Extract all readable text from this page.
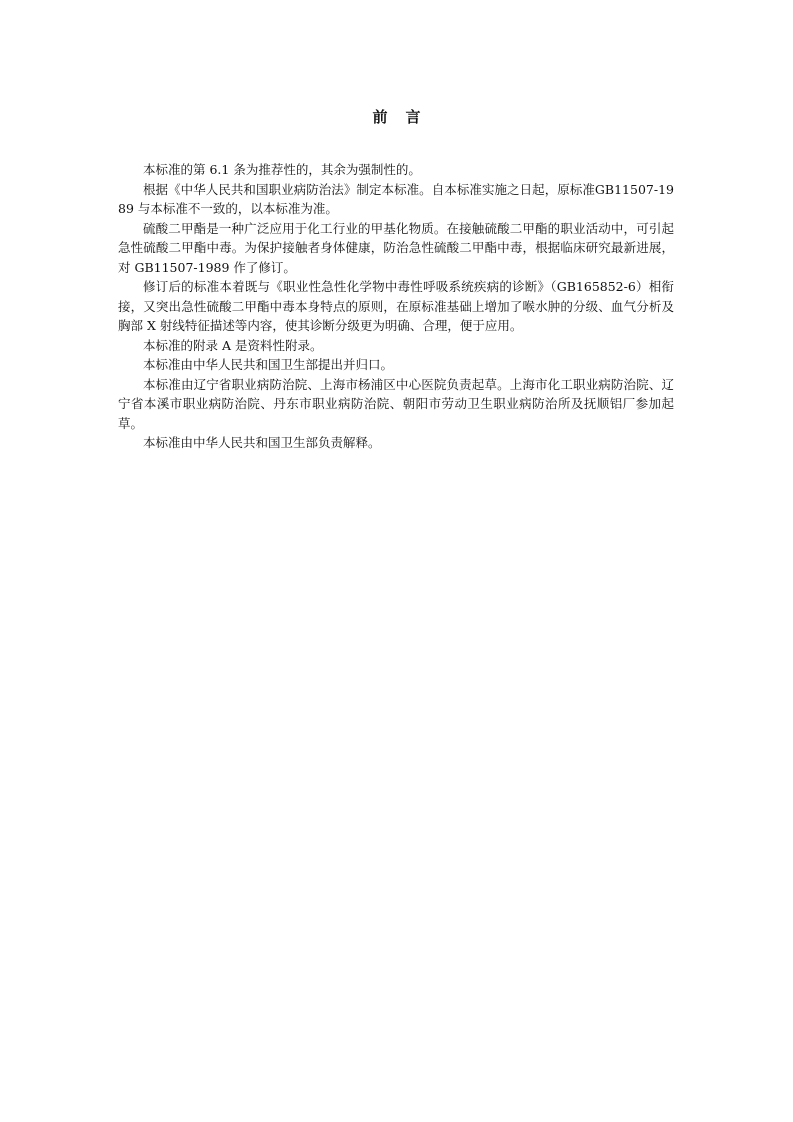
前言

本标准的第 6.1 条为推荐性的，其余为强制性的。

根据《中华人民共和国职业病防治法》制定本标准。自本标准实施之日起，原标准GB11507-1989 与本标准不一致的，以本标准为准。

硫酸二甲酯是一种广泛应用于化工行业的甲基化物质。在接触硫酸二甲酯的职业活动中，可引起急性硫酸二甲酯中毒。为保护接触者身体健康，防治急性硫酸二甲酯中毒，根据临床研究最新进展，对 GB11507-1989 作了修订。

修订后的标准本着既与《职业性急性化学物中毒性呼吸系统疾病的诊断》（GB165852-6）相衔接，又突出急性硫酸二甲酯中毒本身特点的原则，在原标准基础上增加了喉水肿的分级、血气分析及胸部 X 射线特征描述等内容，使其诊断分级更为明确、合理，便于应用。

本标准的附录 A 是资料性附录。

本标准由中华人民共和国卫生部提出并归口。

本标准由辽宁省职业病防治院、上海市杨浦区中心医院负责起草。上海市化工职业病防治院、辽宁省本溪市职业病防治院、丹东市职业病防治院、朝阳市劳动卫生职业病防治所及抚顺铝厂参加起草。

本标准由中华人民共和国卫生部负责解释。
